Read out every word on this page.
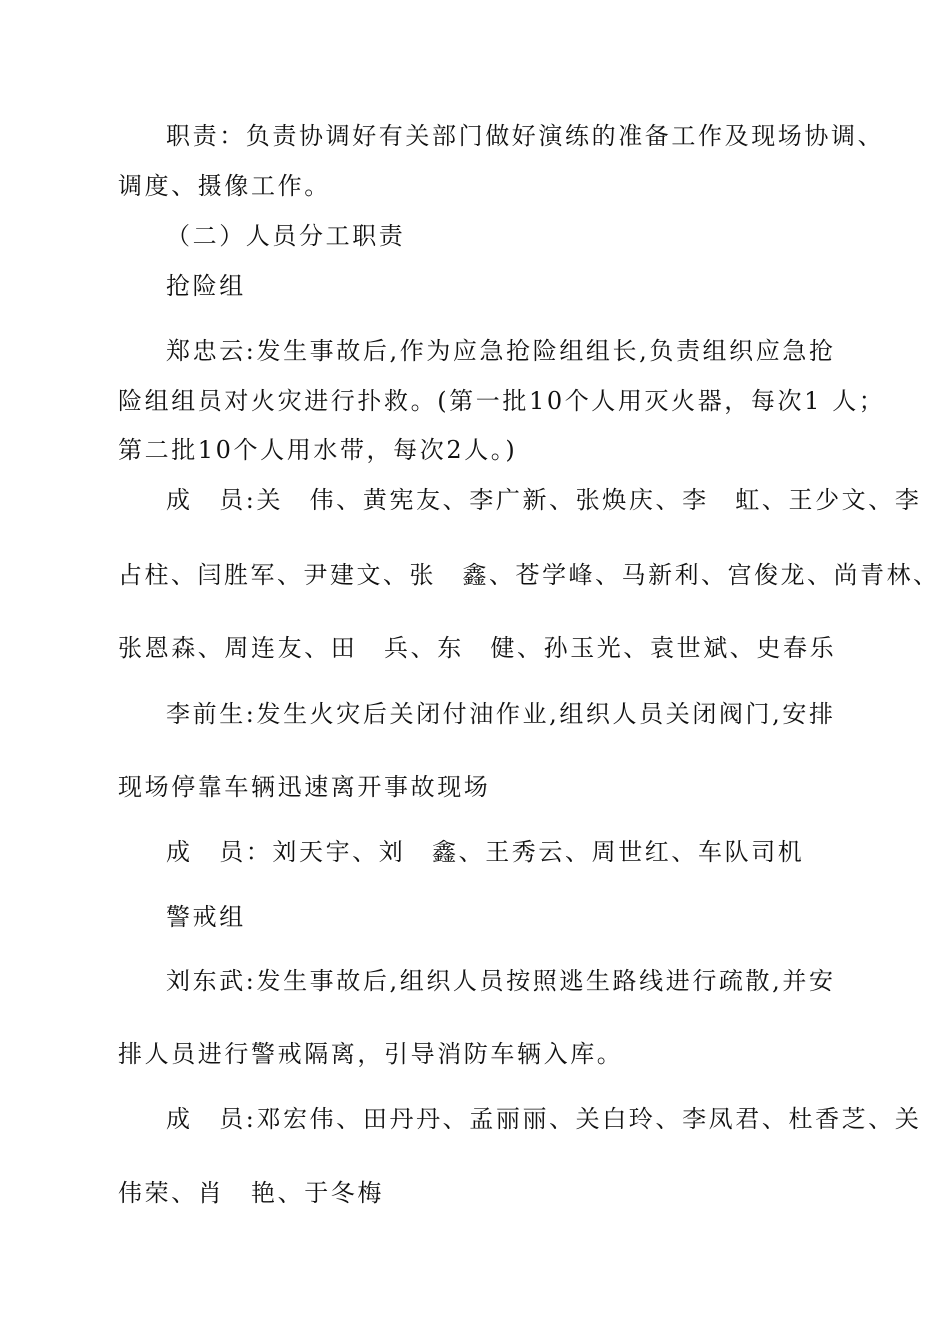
职责：负责协调好有关部门做好演练的准备工作及现场协调、
调度、摄像工作。
（二）人员分工职责
抢险组
郑忠云:发生事故后,作为应急抢险组组长,负责组织应急抢
险组组员对火灾进行扑救。(第一批10个人用灭火器，每次1 人；
第二批10个人用水带，每次2人。)
成　员:关　伟、黄宪友、李广新、张焕庆、李　虹、王少文、李
占柱、闫胜军、尹建文、张　鑫、苍学峰、马新利、宫俊龙、尚青林、
张恩森、周连友、田　兵、东　健、孙玉光、袁世斌、史春乐
李前生:发生火灾后关闭付油作业,组织人员关闭阀门,安排
现场停靠车辆迅速离开事故现场
成　员：刘天宇、刘　鑫、王秀云、周世红、车队司机
警戒组
刘东武:发生事故后,组织人员按照逃生路线进行疏散,并安
排人员进行警戒隔离，引导消防车辆入库。
成　员:邓宏伟、田丹丹、孟丽丽、关白玲、李凤君、杜香芝、关
伟荣、肖　艳、于冬梅
